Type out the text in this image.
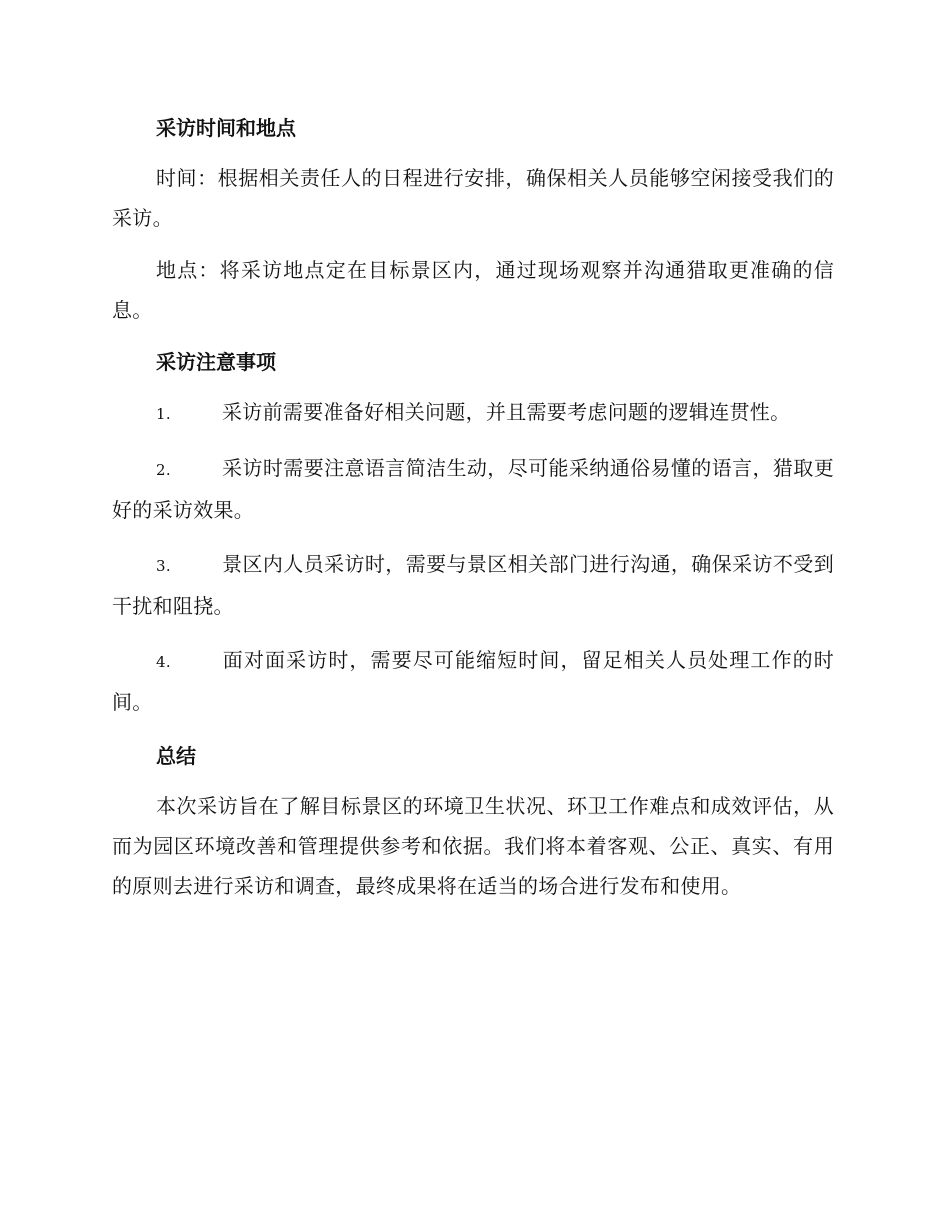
采访时间和地点

时间：根据相关责任人的日程进行安排，确保相关人员能够空闲接受我们的采访。

地点：将采访地点定在目标景区内，通过现场观察并沟通猎取更准确的信息。

采访注意事项

1.	采访前需要准备好相关问题，并且需要考虑问题的逻辑连贯性。

2.	采访时需要注意语言简洁生动，尽可能采纳通俗易懂的语言，猎取更好的采访效果。

3.	景区内人员采访时，需要与景区相关部门进行沟通，确保采访不受到干扰和阻挠。

4.	面对面采访时，需要尽可能缩短时间，留足相关人员处理工作的时间。

总结

本次采访旨在了解目标景区的环境卫生状况、环卫工作难点和成效评估，从而为园区环境改善和管理提供参考和依据。我们将本着客观、公正、真实、有用的原则去进行采访和调查，最终成果将在适当的场合进行发布和使用。
